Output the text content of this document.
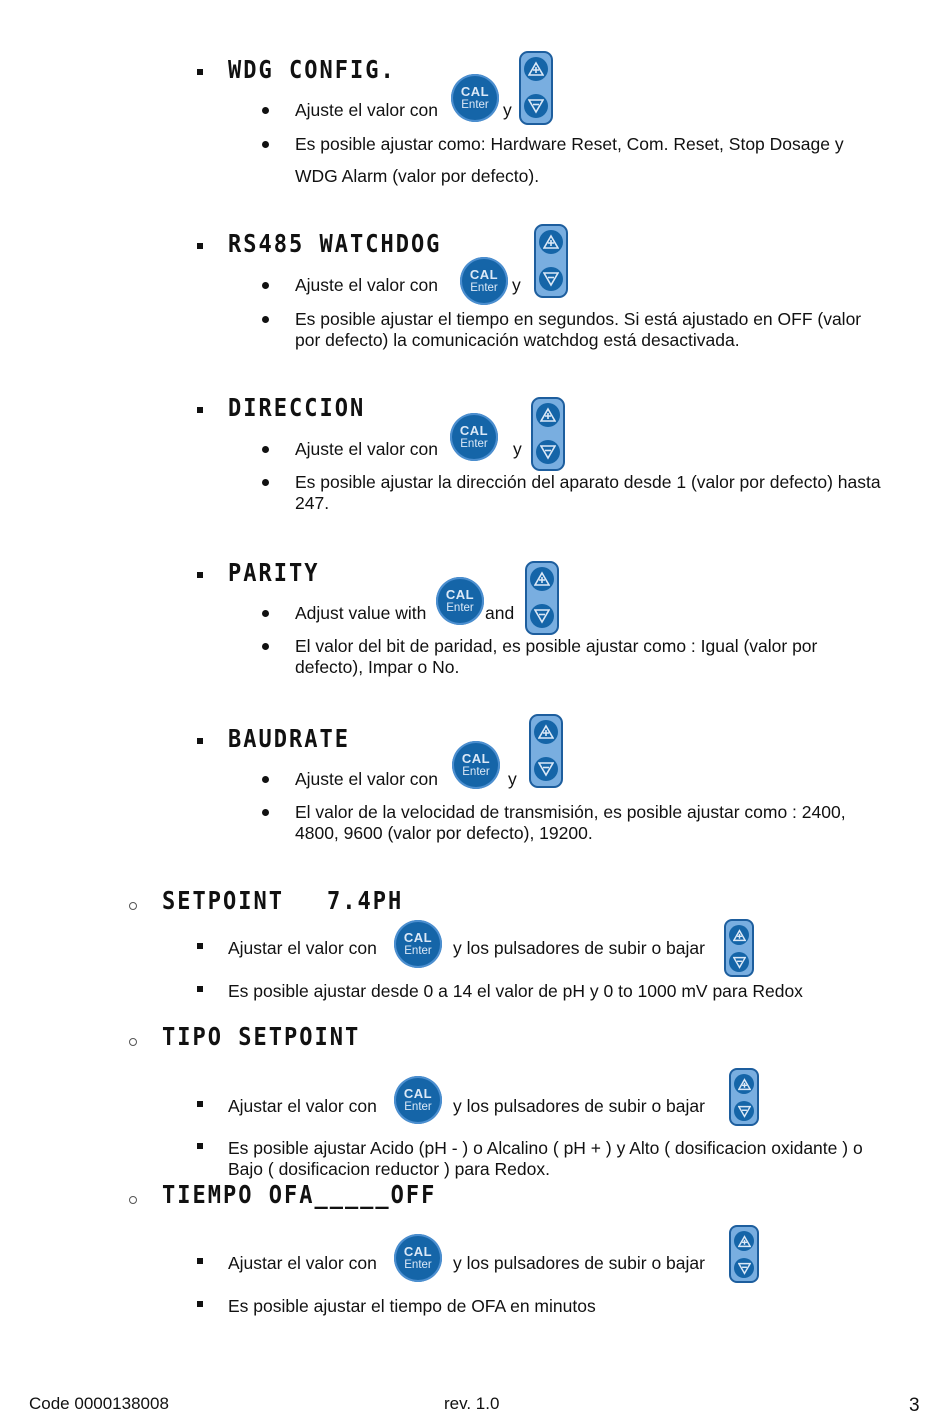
WDG CONFIG.
Ajuste el valor con
CAL
Enter y
Es posible ajustar como: Hardware Reset, Com. Reset, Stop Dosage y
WDG Alarm (valor por defecto).
RS485 WATCHDOG
Ajuste el valor con
CAL
Enter y
Es posible ajustar el tiempo en segundos. Si está ajustado en OFF (valor
por defecto) la comunicación watchdog está desactivada.
DIRECCION
Ajuste el valor con
CAL
Enter y
Es posible ajustar la dirección del aparato desde 1 (valor por defecto) hasta
247.
PARITY
Adjust value with
CAL
Enter and
El valor del bit de paridad, es posible ajustar como : Igual (valor por
defecto), Impar o No.
BAUDRATE
Ajuste el valor con
CAL
Enter y
El valor de la velocidad de transmisión, es posible ajustar como : 2400,
4800, 9600 (valor por defecto), 19200.
SETPOINT 7.4PH
Ajustar el valor con
CAL
Enter y los pulsadores de subir o bajar
Es posible ajustar desde 0 a 14 el valor de pH y 0 to 1000 mV para Redox
TIPO SETPOINT
Ajustar el valor con
CAL
Enter y los pulsadores de subir o bajar
Es posible ajustar Acido (pH - ) o Alcalino ( pH + ) y Alto ( dosificacion oxidante ) o
Bajo ( dosificacion reductor ) para Redox.
TIEMPO OFA_____OFF
Ajustar el valor con
CAL
Enter y los pulsadores de subir o bajar
Es posible ajustar el tiempo de OFA en minutos
Code 0000138008	rev. 1.0	3
